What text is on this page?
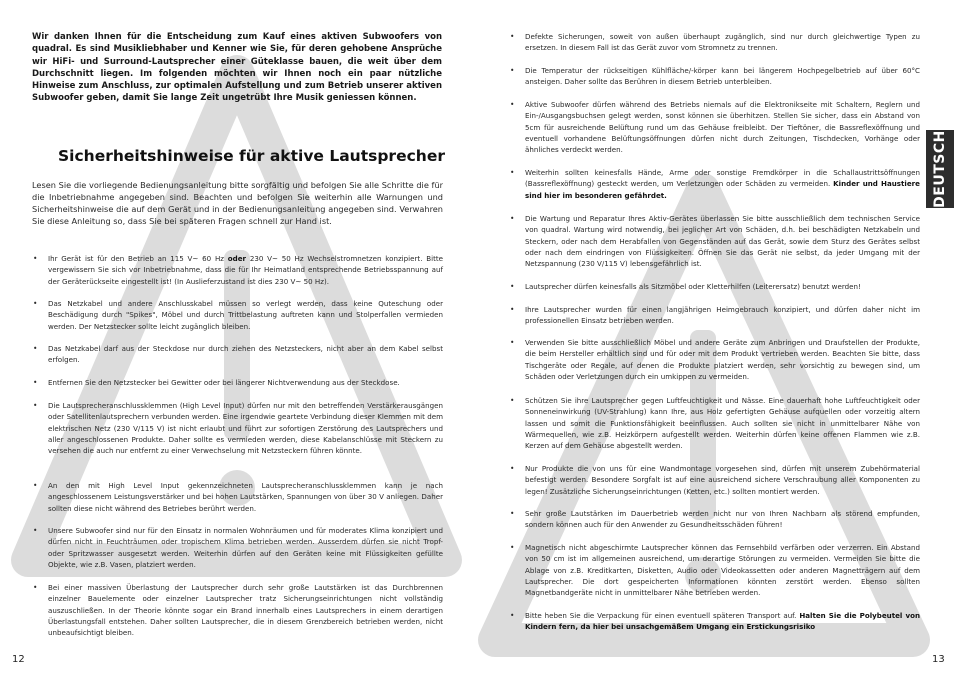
Wir danken Ihnen für die Entscheidung zum Kauf eines aktiven Subwoofers von quadral. Es sind Musikliebhaber und Kenner wie Sie, für deren gehobene Ansprüche wir HiFi- und Surround-Lautsprecher einer Güteklasse bauen, die weit über dem Durchschnitt liegen. Im folgenden möchten wir Ihnen noch ein paar nützliche Hinweise zum Anschluss, zur optimalen Aufstellung und zum Betrieb unserer aktiven Subwoofer geben, damit Sie lange Zeit ungetrübt Ihre Musik geniessen können.
Sicherheitshinweise für aktive Lautsprecher
Lesen Sie die vorliegende Bedienungsanleitung bitte sorgfältig und befolgen Sie alle Schritte die für die Inbetriebnahme angegeben sind. Beachten und befolgen Sie weiterhin alle Warnungen und Sicherheitshinweise die auf dem Gerät und in der Bedienungsanleitung angegeben sind. Verwahren Sie diese Anleitung so, dass Sie bei späteren Fragen schnell zur Hand ist.
• Ihr Gerät ist für den Betrieb an 115 V~ 60 Hz oder 230 V~ 50 Hz Wechselstromnetzen konzipiert. Bitte vergewissern Sie sich vor Inbetriebnahme, dass die für Ihr Heimatland entsprechende Betriebsspannung auf der Geräterückseite eingestellt ist! (In Auslieferzustand ist dies 230 V~ 50 Hz).
• Das Netzkabel und andere Anschlusskabel müssen so verlegt werden, dass keine Quteschung oder Beschädigung durch "Spikes", Möbel und durch Trittbelastung auftreten kann und Stolperfallen vermieden werden. Der Netzstecker sollte leicht zugänglich bleiben.
• Das Netzkabel darf aus der Steckdose nur durch ziehen des Netzsteckers, nicht aber an dem Kabel selbst erfolgen.
• Entfernen Sie den Netzstecker bei Gewitter oder bei längerer Nichtverwendung aus der Steckdose.
• Die Lautsprecheranschlussklemmen (High Level Input) dürfen nur mit den betreffenden Verstärkerausgängen oder Satellitenlautsprechern verbunden werden. Eine irgendwie geartete Verbindung dieser Klemmen mit dem elektrischen Netz (230 V/115 V) ist nicht erlaubt und führt zur sofortigen Zerstörung des Lautsprechers und aller angeschlossenen Produkte. Daher sollte es vermieden werden, diese Kabelanschlüsse mit Steckern zu versehen die auch nur entfernt zu einer Verwechselung mit Netzsteckern führen könnte.
• An den mit High Level Input gekennzeichneten Lautsprecheranschlussklemmen kann je nach angeschlossenem Leistungsverstärker und bei hohen Lautstärken, Spannungen von über 30 V anliegen. Daher sollten diese nicht während des Betriebes berührt werden.
• Unsere Subwoofer sind nur für den Einsatz in normalen Wohnräumen und für moderates Klima konzipiert und dürfen nicht in Feuchträumen oder tropischem Klima betrieben werden. Ausserdem dürfen sie nicht Tropf- oder Spritzwasser ausgesetzt werden. Weiterhin dürfen auf den Geräten keine mit Flüssigkeiten gefüllte Objekte, wie z.B. Vasen, platziert werden.
• Bei einer massiven Überlastung der Lautsprecher durch sehr große Lautstärken ist das Durchbrennen einzelner Bauelemente oder einzelner Lautsprecher tratz Sicherungseinrichtungen nicht vollständig auszuschließen. In der Theorie könnte sogar ein Brand innerhalb eines Lautsprechers in einem derartigen Überlastungsfall entstehen. Daher sollten Lautsprecher, die in diesem Grenzbereich betrieben werden, nicht unbeaufsichtigt bleiben.
12
• Defekte Sicherungen, soweit von außen überhaupt zugänglich, sind nur durch gleichwertige Typen zu ersetzen. In diesem Fall ist das Gerät zuvor vom Stromnetz zu trennen.
• Die Temperatur der rückseitigen Kühlfläche/-körper kann bei längerem Hochpegelbetrieb auf über 60°C ansteigen. Daher sollte das Berühren in diesem Betrieb unterbleiben.
• Aktive Subwoofer dürfen während des Betriebs niemals auf die Elektronikseite mit Schaltern, Reglern und Ein-/Ausgangsbuchsen gelegt werden, sonst können sie überhitzen. Stellen Sie sicher, dass ein Abstand von 5cm für ausreichende Belüftung rund um das Gehäuse freibleibt. Der Tieftöner, die Bassreflexöffnung und eventuell vorhandene Belüftungsöffnungen dürfen nicht durch Zeitungen, Tischdecken, Vorhänge oder ähnliches verdeckt werden.
• Weiterhin sollten keinesfalls Hände, Arme oder sonstige Fremdkörper in die Schallaustrittsöffnungen (Bassreflexöffnung) gesteckt werden, um Verletzungen oder Schäden zu vermeiden. Kinder und Haustiere sind hier im besonderen gefährdet.
• Die Wartung und Reparatur Ihres Aktiv-Gerätes überlassen Sie bitte ausschließlich dem technischen Service von quadral. Wartung wird notwendig, bei jeglicher Art von Schäden, d.h. bei beschädigten Netzkabeln und Steckern, oder nach dem Herabfallen von Gegenständen auf das Gerät, sowie dem Sturz des Gerätes selbst oder nach dem eindringen von Flüssigkeiten. Öffnen Sie das Gerät nie selbst, da jeder Umgang mit der Netzspannung (230 V/115 V) lebensgefährlich ist.
• Lautsprecher dürfen keinesfalls als Sitzmöbel oder Kletterhilfen (Leiterersatz) benutzt werden!
• Ihre Lautsprecher wurden für einen langjährigen Heimgebrauch konzipiert, und dürfen daher nicht im professionellen Einsatz betrieben werden.
• Verwenden Sie bitte ausschließlich Möbel und andere Geräte zum Anbringen und Draufstellen der Produkte, die beim Hersteller erhältlich sind und für oder mit dem Produkt vertrieben werden. Beachten Sie bitte, dass Tischgeräte oder Regale, auf denen die Produkte platziert werden, sehr vorsichtig zu bewegen sind, um Schäden oder Verletzungen durch ein umkippen zu vermeiden.
• Schützen Sie ihre Lautsprecher gegen Luftfeuchtigkeit und Nässe. Eine dauerhaft hohe Luftfeuchtigkeit oder Sonneneinwirkung (UV-Strahlung) kann Ihre, aus Holz gefertigten Gehäuse aufquellen oder vorzeitig altern lassen und somit die Funktionsfähigkeit beeinflussen. Auch sollten sie nicht in unmittelbarer Nähe von Wärmequellen, wie z.B. Heizkörpern aufgestellt werden. Weiterhin dürfen keine offenen Flammen wie z.B. Kerzen auf dem Gehäuse abgestellt werden.
• Nur Produkte die von uns für eine Wandmontage vorgesehen sind, dürfen mit unserem Zubehörmaterial befestigt werden. Besondere Sorgfalt ist auf eine ausreichend sichere Verschraubung aller Komponenten zu legen! Zusätzliche Sicherungseinrichtungen (Ketten, etc.) sollten montiert werden.
• Sehr große Lautstärken im Dauerbetrieb werden nicht nur von Ihren Nachbarn als störend empfunden, sondern können auch für den Anwender zu Gesundheitsschäden führen!
• Magnetisch nicht abgeschirmte Lautsprecher können das Fernsehbild verfärben oder verzerren. Ein Abstand von 50 cm ist im allgemeinen ausreichend, um derartige Störungen zu vermeiden. Vermeiden Sie bitte die Ablage von z.B. Kreditkarten, Disketten, Audio oder Videokassetten oder anderen Magnetträgern auf dem Lautsprecher. Die dort gespeicherten Informationen könnten zerstört werden. Ebenso sollten Magnetbandgeräte nicht in unmittelbarer Nähe betrieben werden.
• Bitte heben Sie die Verpackung für einen eventuell späteren Transport auf. Halten Sie die Polybeutel von Kindern fern, da hier bei unsachgemäßem Umgang ein Erstickungsrisiko
13
DEUTSCH
